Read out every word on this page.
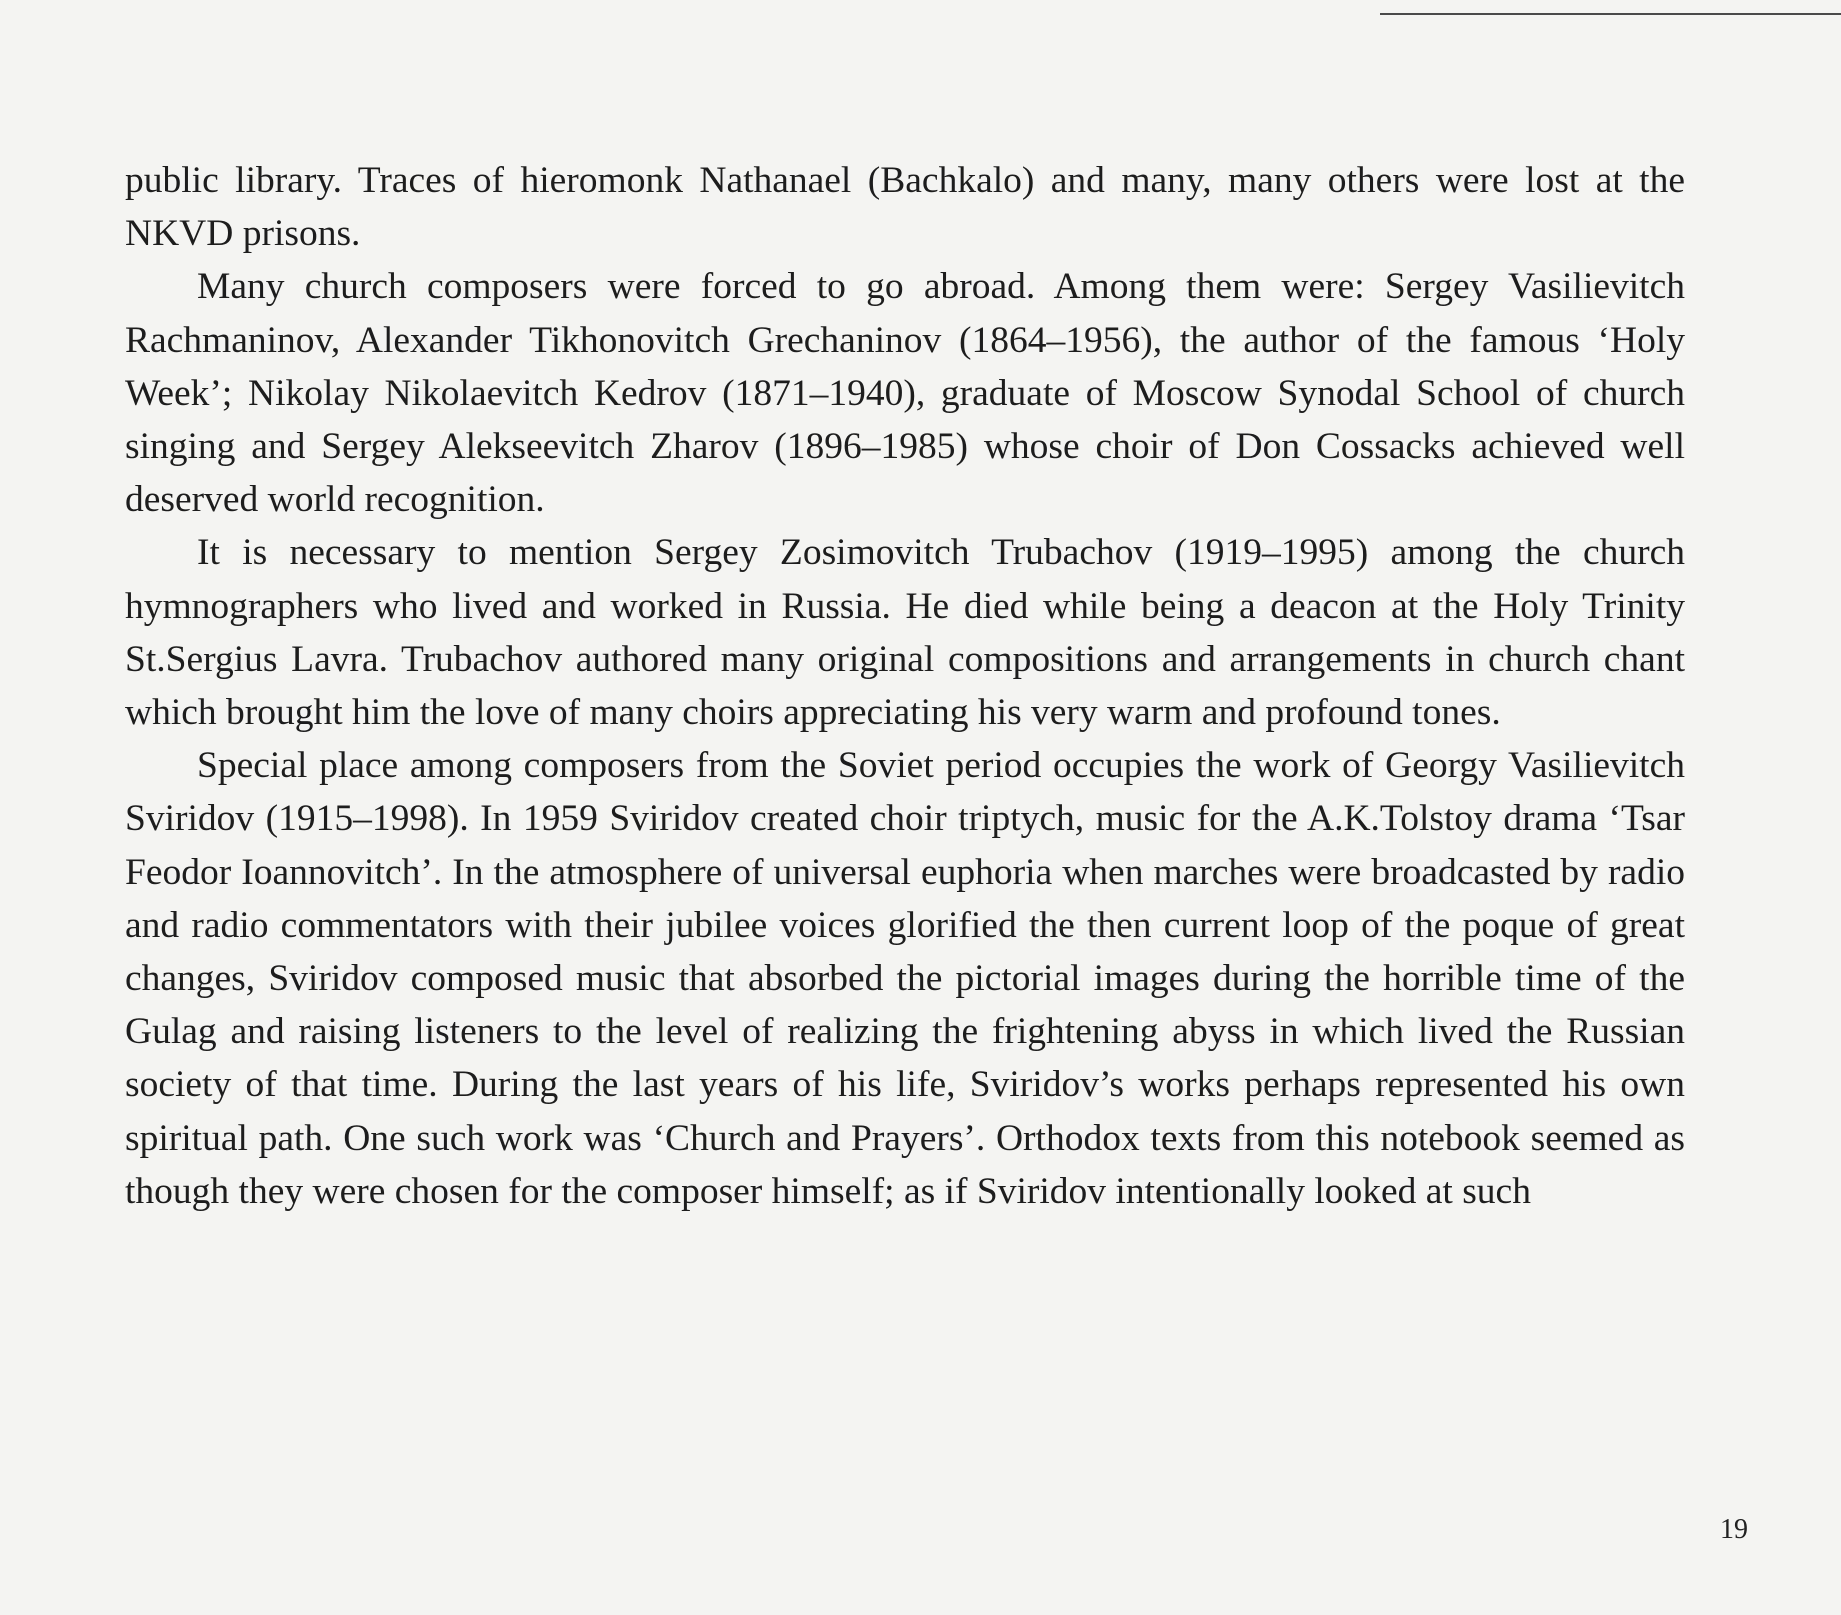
public library. Traces of hieromonk Nathanael (Bachkalo) and many, many others were lost at the NKVD prisons.

Many church composers were forced to go abroad. Among them were: Sergey Vasilievitch Rachmaninov, Alexander Tikhonovitch Grechaninov (1864–1956), the author of the famous ‘Holy Week’; Nikolay Nikolaevitch Kedrov (1871–1940), graduate of Moscow Synodal School of church singing and Sergey Alekseevitch Zharov (1896–1985) whose choir of Don Cossacks achieved well deserved world recognition.

It is necessary to mention Sergey Zosimovitch Trubachov (1919–1995) among the church hymnographers who lived and worked in Russia. He died while being a deacon at the Holy Trinity St.Sergius Lavra. Trubachov authored many original compositions and arrangements in church chant which brought him the love of many choirs appreciating his very warm and profound tones.

Special place among composers from the Soviet period occupies the work of Georgy Vasilievitch Sviridov (1915–1998). In 1959 Sviridov created choir triptych, music for the A.K.Tolstoy drama ‘Tsar Feodor Ioannovitch’. In the atmosphere of universal euphoria when marches were broadcasted by radio and radio commentators with their jubilee voices glorified the then current loop of the poque of great changes, Sviridov composed music that absorbed the pictorial images during the horrible time of the Gulag and raising listeners to the level of realizing the frightening abyss in which lived the Russian society of that time. During the last years of his life, Sviridov’s works perhaps represented his own spiritual path. One such work was ‘Church and Prayers’. Orthodox texts from this notebook seemed as though they were chosen for the composer himself; as if Sviridov intentionally looked at such

19
